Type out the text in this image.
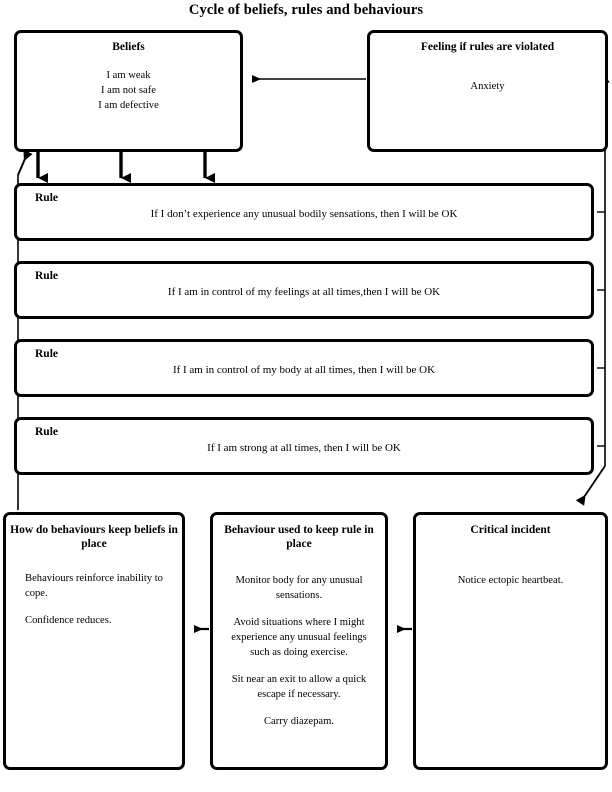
Cycle of beliefs, rules and behaviours
Beliefs
I am weak
I am not safe
I am defective
Feeling if rules are violated
Anxiety
Rule
If I don’t experience any unusual bodily sensations, then I will be OK
Rule
If I am in control of my feelings at all times,then I will be OK
Rule
If I am in control of my body at all times, then I will be OK
Rule
If I am strong at all times, then I will be OK
How do behaviours keep beliefs in place

Behaviours reinforce inability to cope.

Confidence reduces.

Behaviour used to keep rule in place

Monitor body for any unusual sensations.

Avoid situations where I might experience any unusual feelings such as doing exercise.

Sit near an exit to allow a quick escape if necessary.

Carry diazepam.

Critical incident

Notice ectopic heartbeat.
